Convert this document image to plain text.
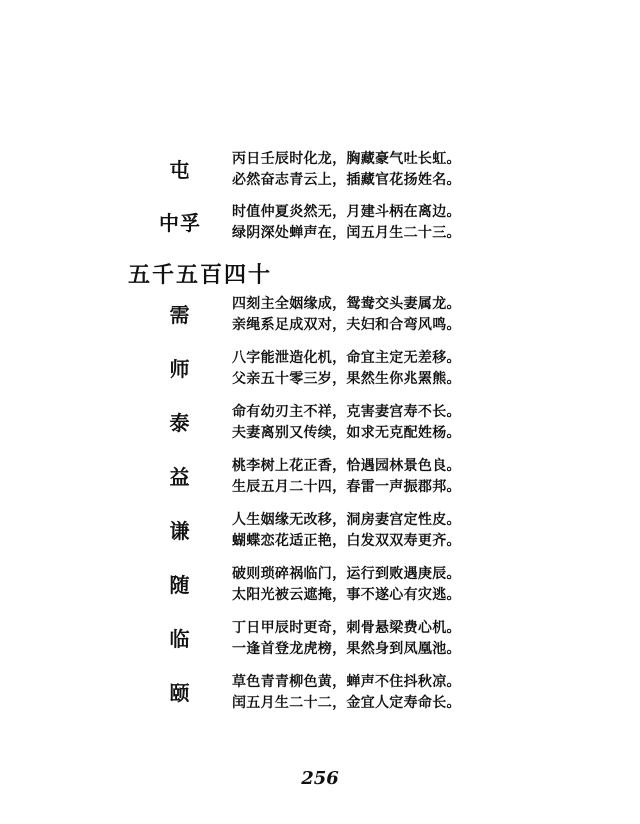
屯	丙日壬辰时化龙，胸藏豪气吐长虹。
必然奋志青云上，插藏官花扬姓名。
中孚	时值仲夏炎然无，月建斗柄在离边。
绿阴深处蝉声在，闰五月生二十三。
五千五百四十
需	四刻主全姻缘成，鸳鸯交头妻属龙。
亲绳系足成双对，夫妇和合弯风鸣。
师	八字能泄造化机，命宜主定无差移。
父亲五十零三岁，果然生你兆罴熊。
泰	命有幼刃主不祥，克害妻宫寿不长。
夫妻离别又传续，如求无克配姓杨。
益	桃李树上花正香，恰遇园林景色良。
生辰五月二十四，春雷一声振郡邦。
谦	人生姻缘无改移，洞房妻宫定性皮。
蝴蝶恋花适正艳，白发双双寿更齐。
随	破则琐碎祸临门，运行到败遇庚辰。
太阳光被云遮掩，事不遂心有灾逃。
临	丁日甲辰时更奇，刺骨悬梁费心机。
一逢首登龙虎榜，果然身到凤凰池。
颐	草色青青柳色黄，蝉声不住抖秋凉。
闰五月生二十二，金宜人定寿命长。
256
